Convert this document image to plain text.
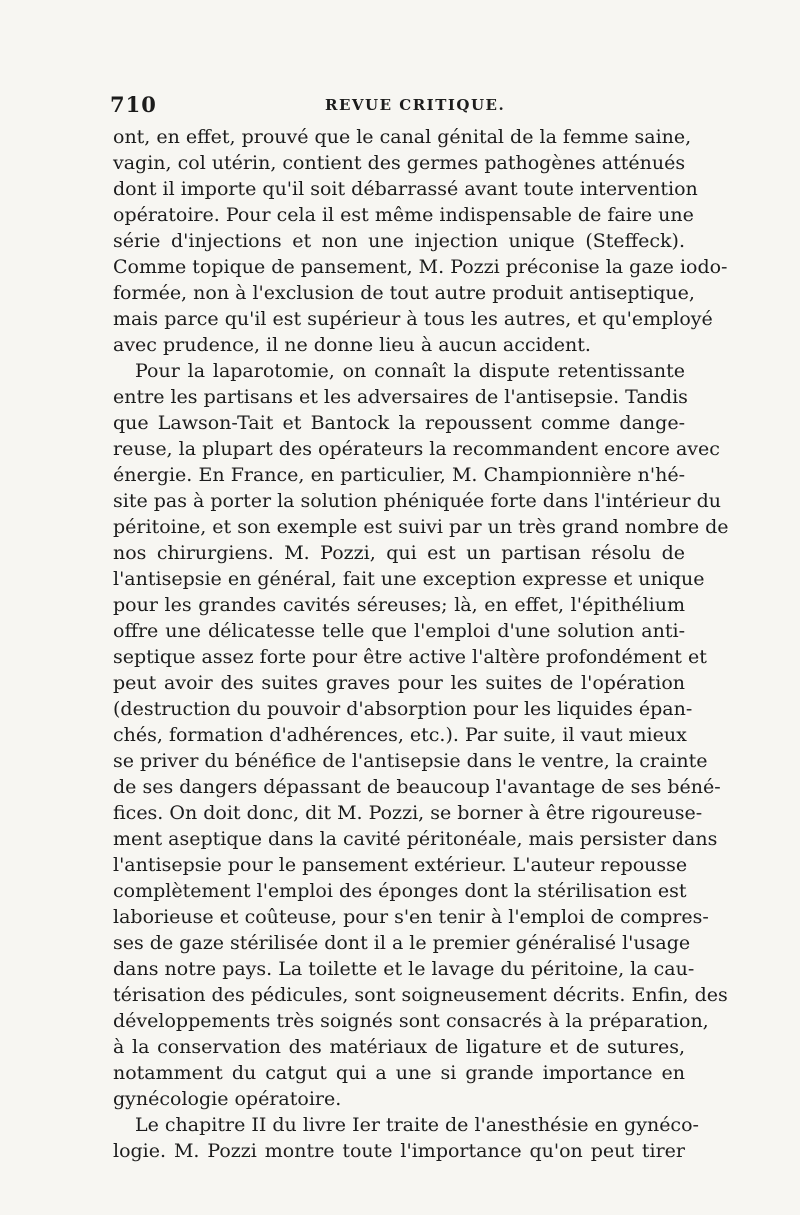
710	REVUE CRITIQUE.
ont, en effet, prouvé que le canal génital de la femme saine,
vagin, col utérin, contient des germes pathogènes atténués
dont il importe qu'il soit débarrassé avant toute intervention
opératoire. Pour cela il est même indispensable de faire une
série d'injections et non une injection unique (Steffeck).
Comme topique de pansement, M. Pozzi préconise la gaze iodo-
formée, non à l'exclusion de tout autre produit antiseptique,
mais parce qu'il est supérieur à tous les autres, et qu'employé
avec prudence, il ne donne lieu à aucun accident.
Pour la laparotomie, on connaît la dispute retentissante
entre les partisans et les adversaires de l'antisepsie. Tandis
que Lawson-Tait et Bantock la repoussent comme dange-
reuse, la plupart des opérateurs la recommandent encore avec
énergie. En France, en particulier, M. Championnière n'hé-
site pas à porter la solution phéniquée forte dans l'intérieur du
péritoine, et son exemple est suivi par un très grand nombre de
nos chirurgiens. M. Pozzi, qui est un partisan résolu de
l'antisepsie en général, fait une exception expresse et unique
pour les grandes cavités séreuses; là, en effet, l'épithélium
offre une délicatesse telle que l'emploi d'une solution anti-
septique assez forte pour être active l'altère profondément et
peut avoir des suites graves pour les suites de l'opération
(destruction du pouvoir d'absorption pour les liquides épan-
chés, formation d'adhérences, etc.). Par suite, il vaut mieux
se priver du bénéfice de l'antisepsie dans le ventre, la crainte
de ses dangers dépassant de beaucoup l'avantage de ses béné-
fices. On doit donc, dit M. Pozzi, se borner à être rigoureuse-
ment aseptique dans la cavité péritonéale, mais persister dans
l'antisepsie pour le pansement extérieur. L'auteur repousse
complètement l'emploi des éponges dont la stérilisation est
laborieuse et coûteuse, pour s'en tenir à l'emploi de compres-
ses de gaze stérilisée dont il a le premier généralisé l'usage
dans notre pays. La toilette et le lavage du péritoine, la cau-
térisation des pédicules, sont soigneusement décrits. Enfin, des
développements très soignés sont consacrés à la préparation,
à la conservation des matériaux de ligature et de sutures,
notamment du catgut qui a une si grande importance en
gynécologie opératoire.
Le chapitre II du livre Ier traite de l'anesthésie en gynéco-
logie. M. Pozzi montre toute l'importance qu'on peut tirer
